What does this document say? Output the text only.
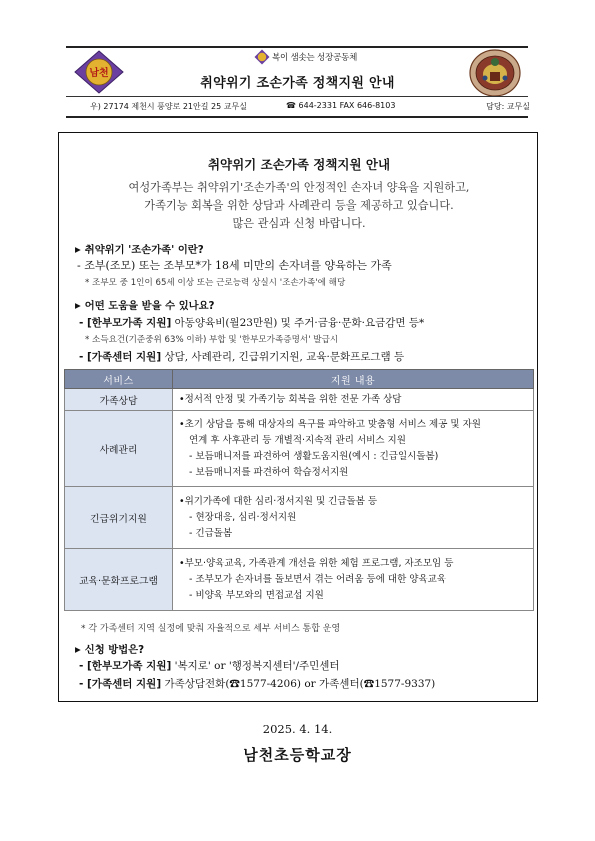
남천
복이 샘솟는 성장공동체
취약위기 조손가족 정책지원 안내
우) 27174 제천시 풍양로 21안길 25 교무실	☎ 644-2331 FAX 646-8103	담당: 교무실
취약위기 조손가족 정책지원 안내
여성가족부는 취약위기'조손가족'의 안정적인 손자녀 양육을 지원하고,
가족기능 회복을 위한 상담과 사례관리 등을 제공하고 있습니다.
많은 관심과 신청 바랍니다.
▶ 취약위기 '조손가족' 이란?
- 조부(조모) 또는 조부모*가 18세 미만의 손자녀를 양육하는 가족
* 조부모 중 1인이 65세 이상 또는 근로능력 상실시 '조손가족'에 해당
▶ 어떤 도움을 받을 수 있나요?
- [한부모가족 지원] 아동양육비(월23만원) 및 주거·금융·문화·요금감면 등*
* 소득요건(기준중위 63% 이하) 부합 및 '한부모가족증명서' 발급시
- [가족센터 지원] 상담, 사례관리, 긴급위기지원, 교육·문화프로그램 등
서비스	지원 내용
가족상담	•정서적 안정 및 가족기능 회복을 위한 전문 가족 상담

사례관리	•초기 상담을 통해 대상자의 욕구를 파악하고 맞춤형 서비스 제공 및 자원
연계 후 사후관리 등 개별적·지속적 관리 서비스 지원
- 보듬매니저를 파견하여 생활도움지원(예시 : 긴급일시돌봄)
- 보듬매니저를 파견하여 학습정서지원

긴급위기지원	•위기가족에 대한 심리·정서지원 및 긴급돌봄 등
- 현장대응, 심리·정서지원
- 긴급돌봄

교육·문화프로그램	•부모·양육교육, 가족관계 개선을 위한 체험 프로그램, 자조모임 등
- 조부모가 손자녀를 돌보면서 겪는 어려움 등에 대한 양육교육
- 비양육 부모와의 면접교섭 지원
* 각 가족센터 지역 실정에 맞춰 자율적으로 세부 서비스 통합 운영
▶ 신청 방법은?
- [한부모가족 지원] '복지로' or '행정복지센터'/주민센터
- [가족센터 지원] 가족상담전화(☎1577-4206) or 가족센터(☎1577-9337)
2025. 4. 14.
남천초등학교장
